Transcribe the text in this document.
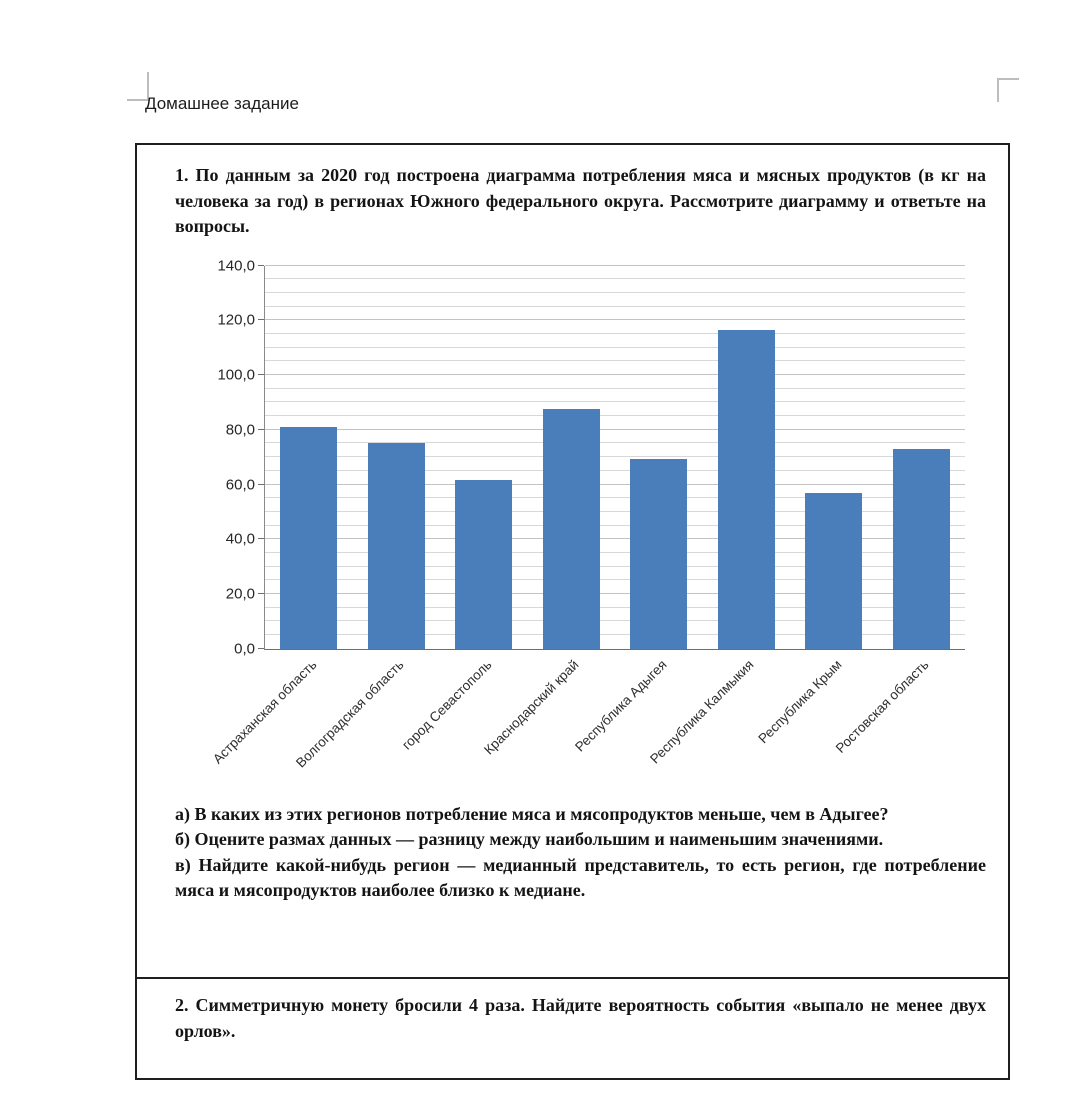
Домашнее задание

1. По данным за 2020 год построена диаграмма потребления мяса и мясных продуктов (в кг на человека за год) в регионах Южного федерального округа. Рассмотрите диаграмму и ответьте на вопросы.

Астраханская область
Волгоградская область
город Севастополь
Краснодарский край
Республика Адыгея
Республика Калмыкия
Республика Крым
Ростовская область
0,0
20,0
40,0
60,0
80,0
100,0
120,0
140,0

а) В каких из этих регионов потребление мяса и мясопродуктов меньше, чем в Адыгее?

б) Оцените размах данных — разницу между наибольшим и наименьшим значениями.

в) Найдите какой-нибудь регион — медианный представитель, то есть регион, где потребление мяса и мясопродуктов наиболее близко к медиане.

2. Симметричную монету бросили 4 раза. Найдите вероятность события «выпало не менее двух орлов».
